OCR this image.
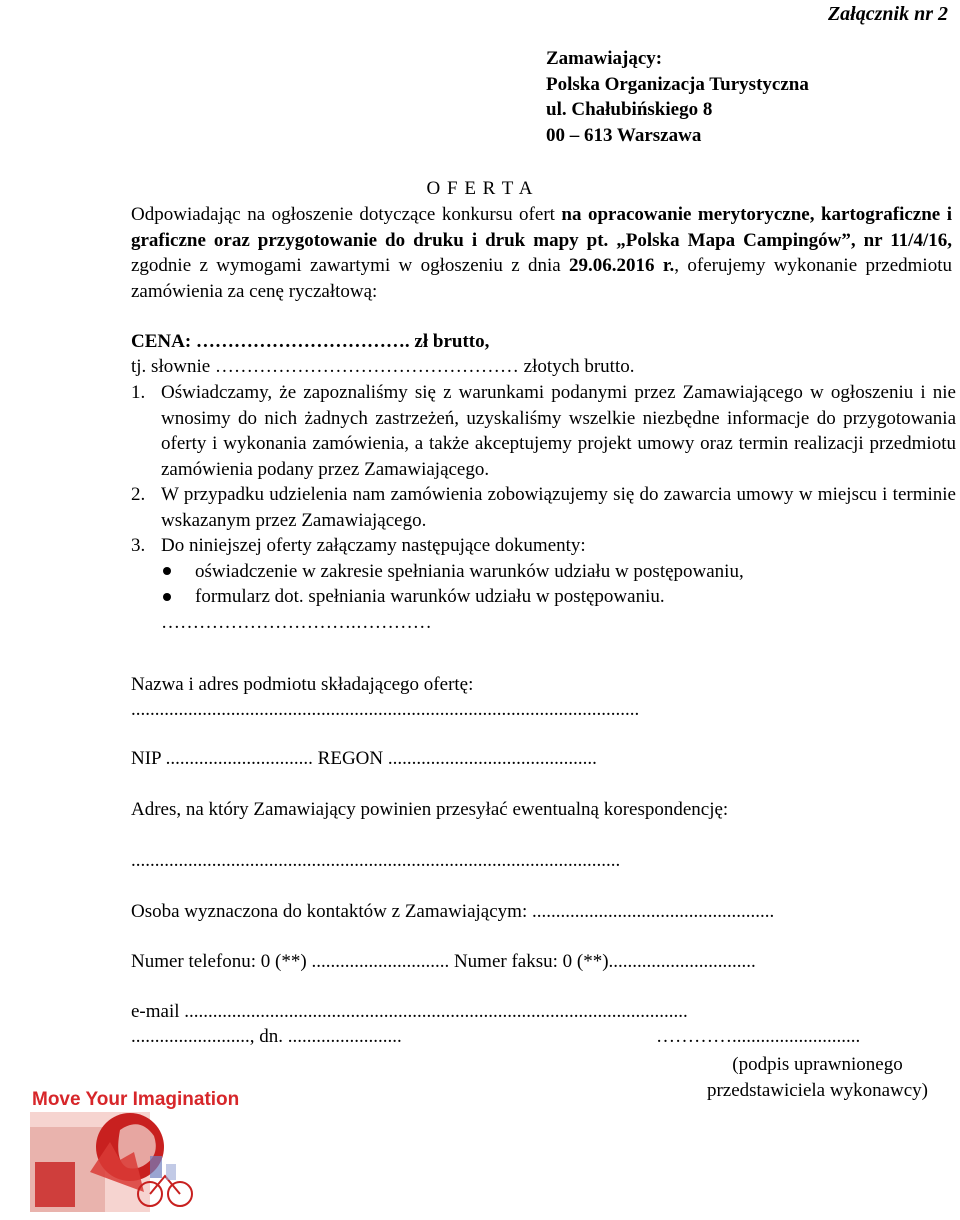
Załącznik nr 2
Zamawiający:
Polska Organizacja Turystyczna
ul. Chałubińskiego 8
00 – 613 Warszawa
O F E R T A
Odpowiadając na ogłoszenie dotyczące konkursu ofert na opracowanie merytoryczne, kartograficzne i graficzne oraz przygotowanie do druku i druk mapy pt. „Polska Mapa Campingów”, nr 11/4/16, zgodnie z wymogami zawartymi w ogłoszeniu z dnia 29.06.2016 r., oferujemy wykonanie przedmiotu zamówienia za cenę ryczałtową:
CENA: ……………………………. zł brutto,
tj. słownie ………………………………………… złotych brutto.
1. Oświadczamy, że zapoznaliśmy się z warunkami podanymi przez Zamawiającego w ogłoszeniu i nie wnosimy do nich żadnych zastrzeżeń, uzyskaliśmy wszelkie niezbędne informacje do przygotowania oferty i wykonania zamówienia, a także akceptujemy projekt umowy oraz termin realizacji przedmiotu zamówienia podany przez Zamawiającego.
2. W przypadku udzielenia nam zamówienia zobowiązujemy się do zawarcia umowy w miejscu i terminie wskazanym przez Zamawiającego.
3. Do niniejszej oferty załączamy następujące dokumenty:
oświadczenie w zakresie spełniania warunków udziału w postępowaniu,
formularz dot. spełniania warunków udziału w postępowaniu.
………………………….…………
Nazwa i adres podmiotu składającego ofertę:
...........................................................................................................
NIP ............................... REGON ............................................
Adres, na który Zamawiający powinien przesyłać ewentualną korespondencję:
.......................................................................................................
Osoba wyznaczona do kontaktów z Zamawiającym: ...................................................
Numer telefonu: 0 (**) ............................. Numer faksu: 0 (**)...............................
e-mail ..........................................................................................................
........................., dn. ........................	…………...........................
(podpis uprawnionego
przedstawiciela wykonawcy)
Move Your Imagination
